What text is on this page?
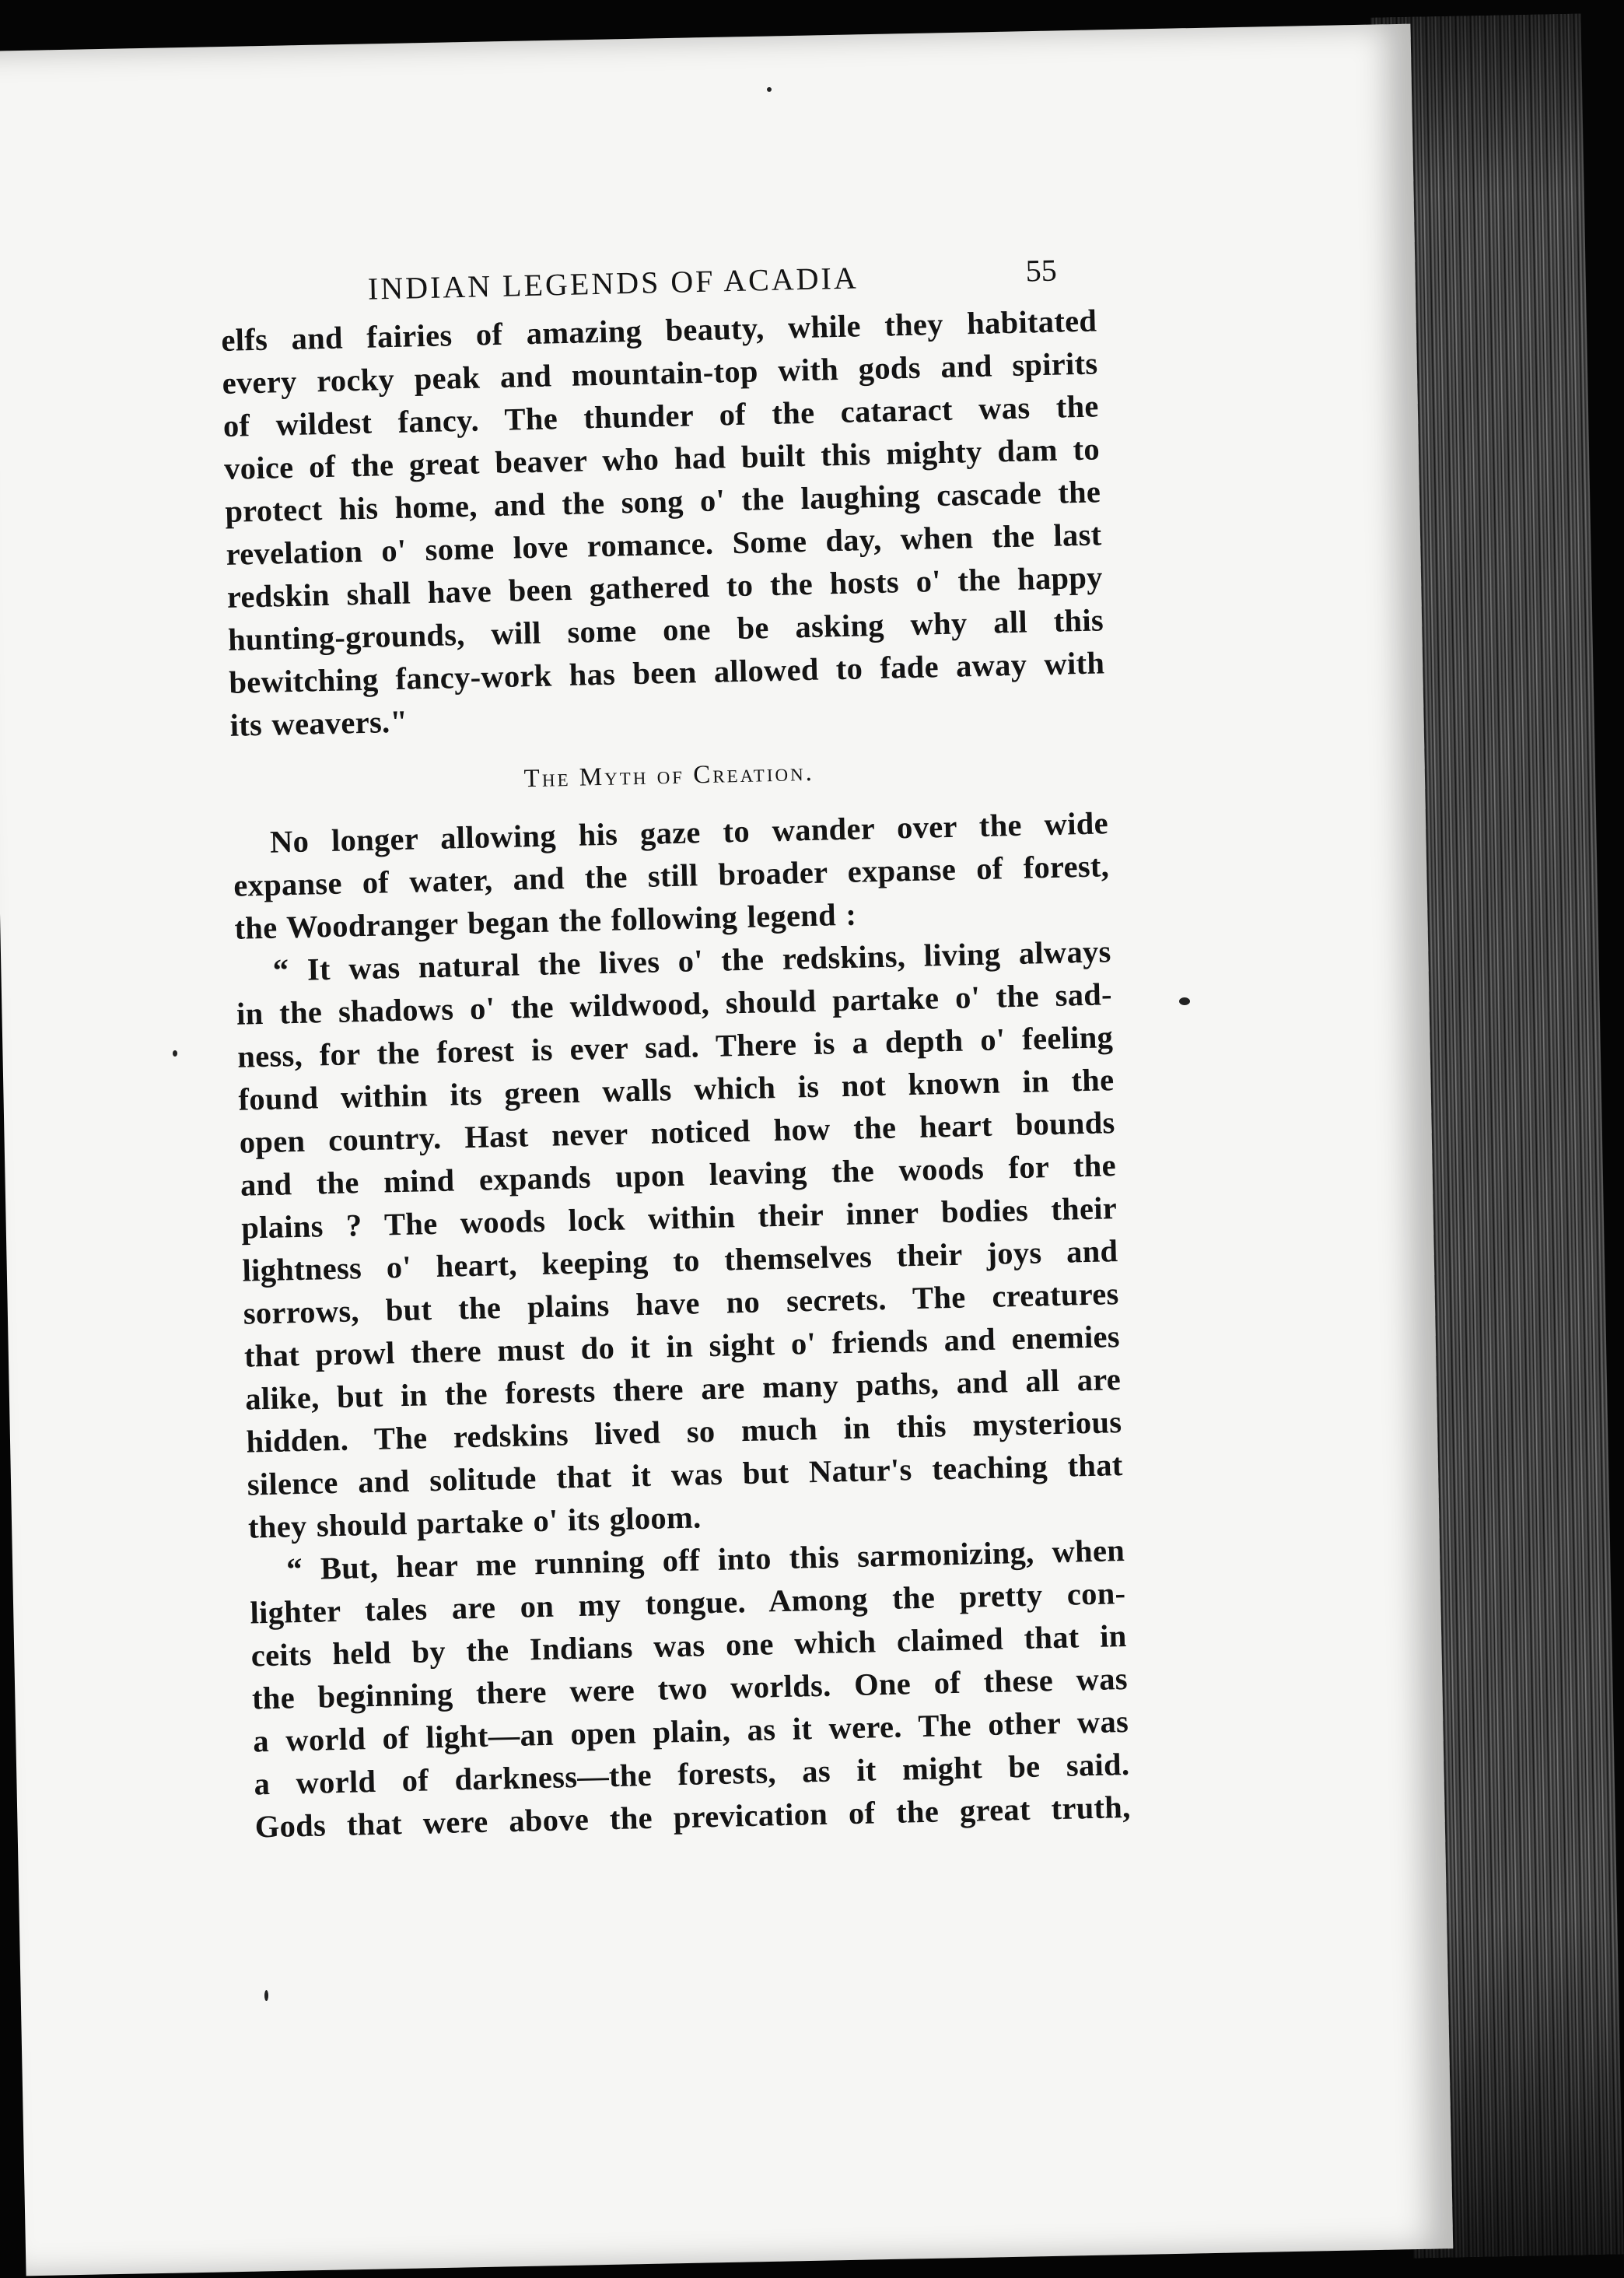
INDIAN LEGENDS OF ACADIA	55
elfs and fairies of amazing beauty, while they habitated
every rocky peak and mountain-top with gods and spirits
of wildest fancy. The thunder of the cataract was the
voice of the great beaver who had built this mighty dam to
protect his home, and the song o' the laughing cascade the
revelation o' some love romance. Some day, when the last
redskin shall have been gathered to the hosts o' the happy
hunting-grounds, will some one be asking why all this
bewitching fancy-work has been allowed to fade away with
its weavers."
The Myth of Creation.
No longer allowing his gaze to wander over the wide
expanse of water, and the still broader expanse of forest,
the Woodranger began the following legend :
“ It was natural the lives o' the redskins, living always
in the shadows o' the wildwood, should partake o' the sad-
ness, for the forest is ever sad. There is a depth o' feeling
found within its green walls which is not known in the
open country. Hast never noticed how the heart bounds
and the mind expands upon leaving the woods for the
plains ? The woods lock within their inner bodies their
lightness o' heart, keeping to themselves their joys and
sorrows, but the plains have no secrets. The creatures
that prowl there must do it in sight o' friends and enemies
alike, but in the forests there are many paths, and all are
hidden. The redskins lived so much in this mysterious
silence and solitude that it was but Natur's teaching that
they should partake o' its gloom.
“ But, hear me running off into this sarmonizing, when
lighter tales are on my tongue. Among the pretty con-
ceits held by the Indians was one which claimed that in
the beginning there were two worlds. One of these was
a world of light—an open plain, as it were. The other was
a world of darkness—the forests, as it might be said.
Gods that were above the prevication of the great truth,
